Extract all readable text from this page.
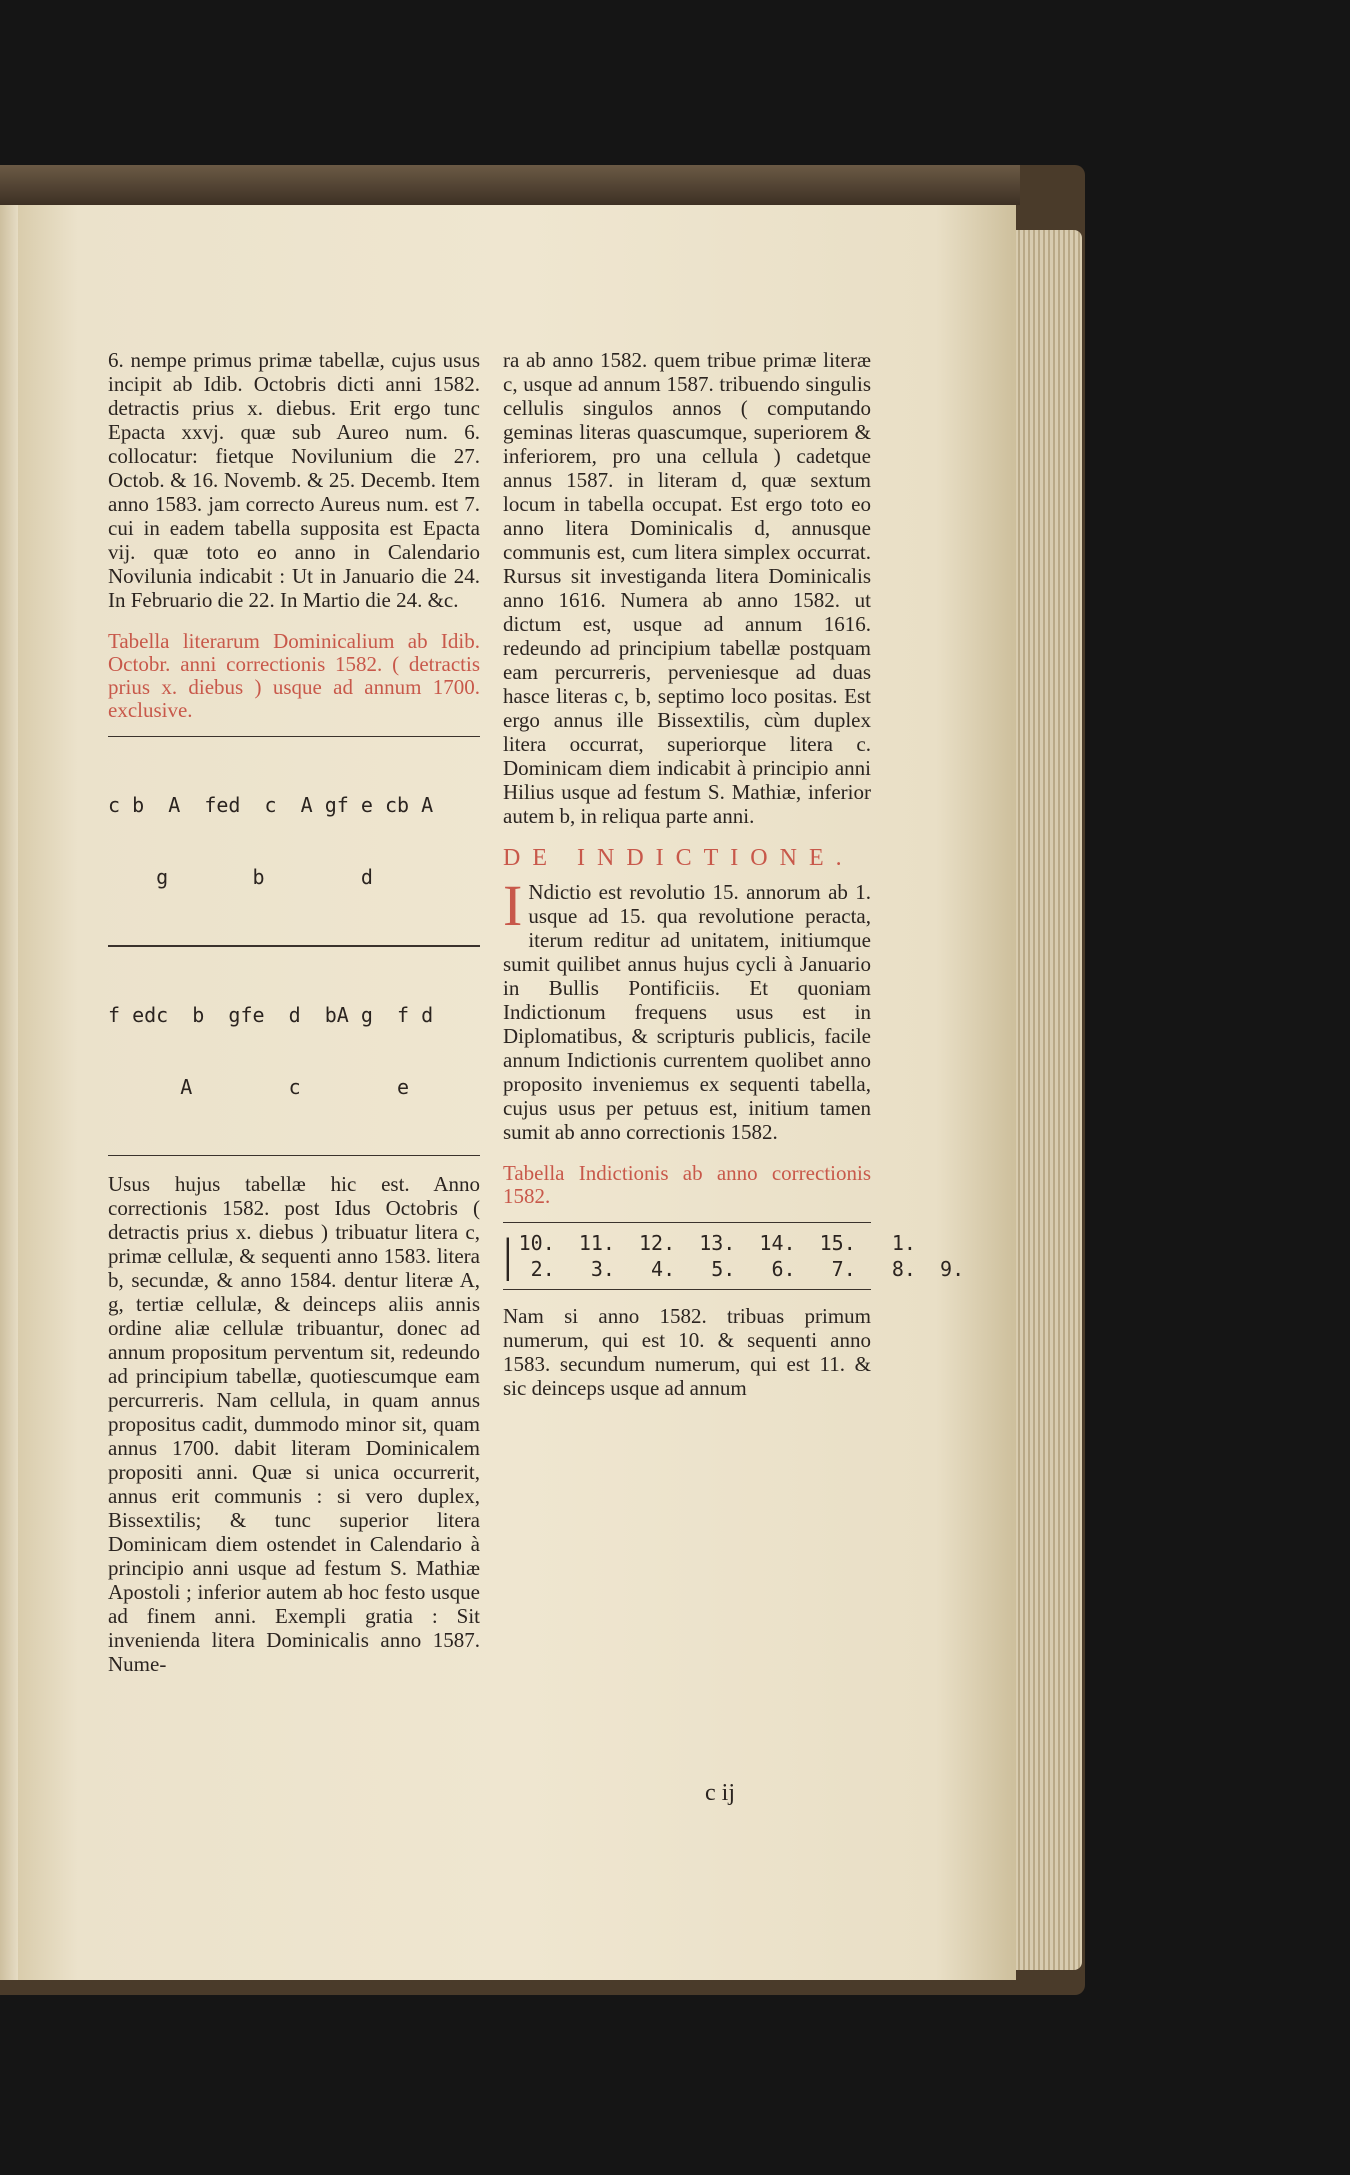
6. nempe primus primæ tabellæ, cujus usus incipit ab Idib. Octobris dicti anni 1582. detractis prius x. diebus. Erit ergo tunc Epacta xxvj. quæ sub Aureo num. 6. collocatur: fietque Novilunium die 27. Octob. & 16. Novemb. & 25. Decemb. Item anno 1583. jam correcto Aureus num. est 7. cui in eadem tabella supposita est Epacta vij. quæ toto eo anno in Calendario Novilunia indicabit : Ut in Januario die 24. In Februario die 22. In Martio die 24. &c.

Tabella literarum Dominicalium ab Idib. Octobr. anni correctionis 1582. ( detractis prius x. diebus ) usque ad annum 1700. exclusive.

c b  A  fed  c  A gf e cb A

g       b        d

f edc  b  gfe  d  bA g  f d

A        c        e

Usus hujus tabellæ hic est. Anno correctionis 1582. post Idus Octobris ( detractis prius x. diebus ) tribuatur litera c, primæ cellulæ, & sequenti anno 1583. litera b, secundæ, & anno 1584. dentur literæ A, g, tertiæ cellulæ, & deinceps aliis annis ordine aliæ cellulæ tribuantur, donec ad annum propositum perventum sit, redeundo ad principium tabellæ, quotiescumque eam percurreris. Nam cellula, in quam annus propositus cadit, dummodo minor sit, quam annus 1700. dabit literam Dominicalem propositi anni. Quæ si unica occurrerit, annus erit communis : si vero duplex, Bissextilis; & tunc superior litera Dominicam diem ostendet in Calendario à principio anni usque ad festum S. Mathiæ Apostoli ; inferior autem ab hoc festo usque ad finem anni. Exempli gratia : Sit invenienda litera Dominicalis anno 1587. Nume-

ra ab anno 1582. quem tribue primæ literæ c, usque ad annum 1587. tribuendo singulis cellulis singulos annos ( computando geminas literas quascumque, superiorem & inferiorem, pro una cellula ) cadetque annus 1587. in literam d, quæ sextum locum in tabella occupat. Est ergo toto eo anno litera Dominicalis d, annusque communis est, cum litera simplex occurrat. Rursus sit investiganda litera Dominicalis anno 1616. Numera ab anno 1582. ut dictum est, usque ad annum 1616. redeundo ad principium tabellæ postquam eam percurreris, perveniesque ad duas hasce literas c, b, septimo loco positas. Est ergo annus ille Bissextilis, cùm duplex litera occurrat, superiorque litera c. Dominicam diem indicabit à principio anni Hilius usque ad festum S. Mathiæ, inferior autem b, in reliqua parte anni.

DE INDICTIONE.

I Ndictio est revolutio 15. annorum ab 1. usque ad 15. qua revolutione peracta, iterum reditur ad unitatem, initiumque sumit quilibet annus hujus cycli à Januario in Bullis Pontificiis. Et quoniam Indictionum frequens usus est in Diplomatibus, & scripturis publicis, facile annum Indictionis currentem quolibet anno proposito inveniemus ex sequenti tabella, cujus usus per petuus est, initium tamen sumit ab anno correctionis 1582.

Tabella Indictionis ab anno correctionis 1582.

| 10.  11.  12.  13.  14.  15.   1.
2.   3.   4.   5.   6.   7.   8.  9.

Nam si anno 1582. tribuas primum numerum, qui est 10. & sequenti anno 1583. secundum numerum, qui est 11. & sic deinceps usque ad annum

c ij
